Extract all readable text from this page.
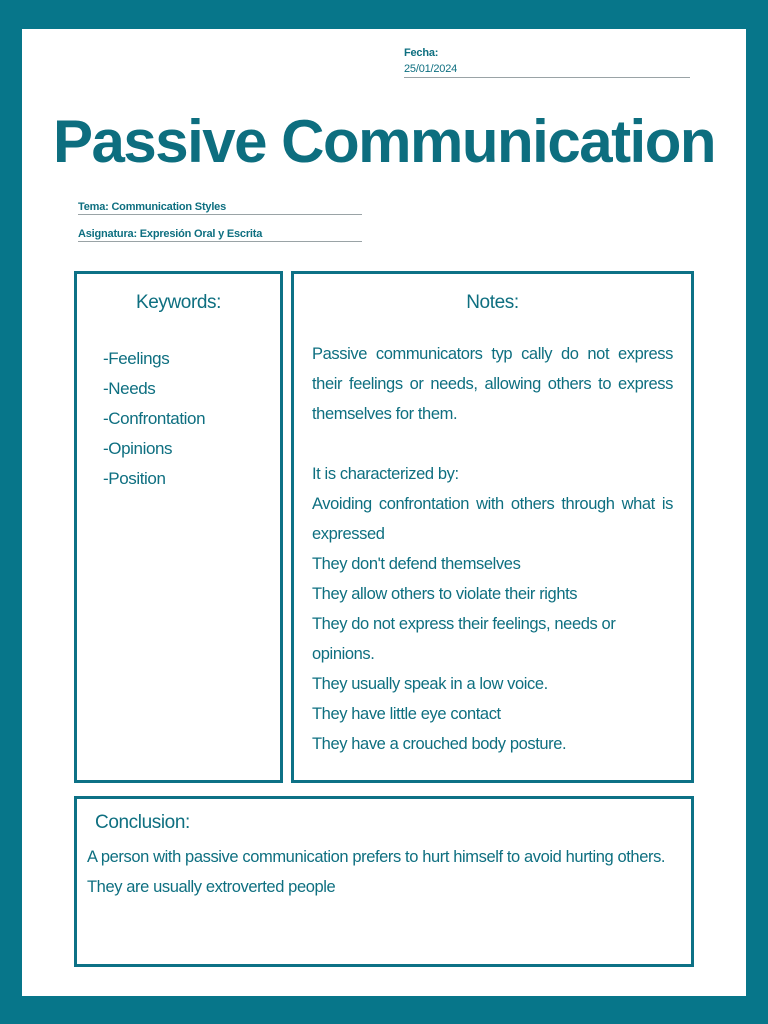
Fecha:
25/01/2024
Passive Communication
Tema: Communication Styles
Asignatura: Expresión Oral y Escrita
Keywords:
-Feelings
-Needs
-Confrontation
-Opinions
-Position
Notes:

Passive communicators typ cally do not express their feelings or needs, allowing others to express themselves for them.

It is characterized by:

Avoiding confrontation with others through what is expressed

They don't defend themselves

They allow others to violate their rights

They do not express their feelings, needs or opinions.

They usually speak in a low voice.

They have little eye contact

They have a crouched body posture.

Conclusion:

A person with passive communication prefers to hurt himself to avoid hurting others.

They are usually extroverted people
